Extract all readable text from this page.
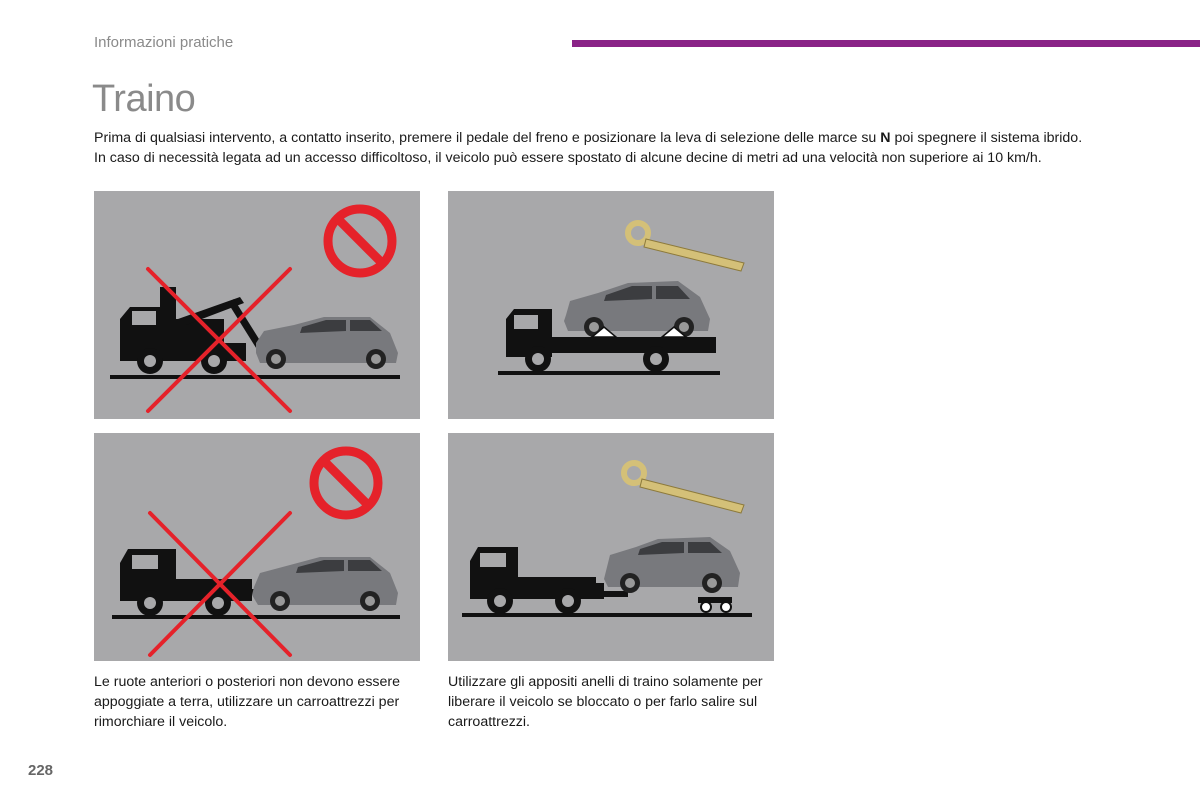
Informazioni pratiche
Traino

Prima di qualsiasi intervento, a contatto inserito, premere il pedale del freno e posizionare la leva di selezione delle marce su N poi spegnere il sistema ibrido.

In caso di necessità legata ad un accesso difficoltoso, il veicolo può essere spostato di alcune decine di metri ad una velocità non superiore ai 10 km/h.

Le ruote anteriori o posteriori non devono essere appoggiate a terra, utilizzare un carroattrezzi per rimorchiare il veicolo.
Utilizzare gli appositi anelli di traino solamente per liberare il veicolo se bloccato o per farlo salire sul carroattrezzi.
228
